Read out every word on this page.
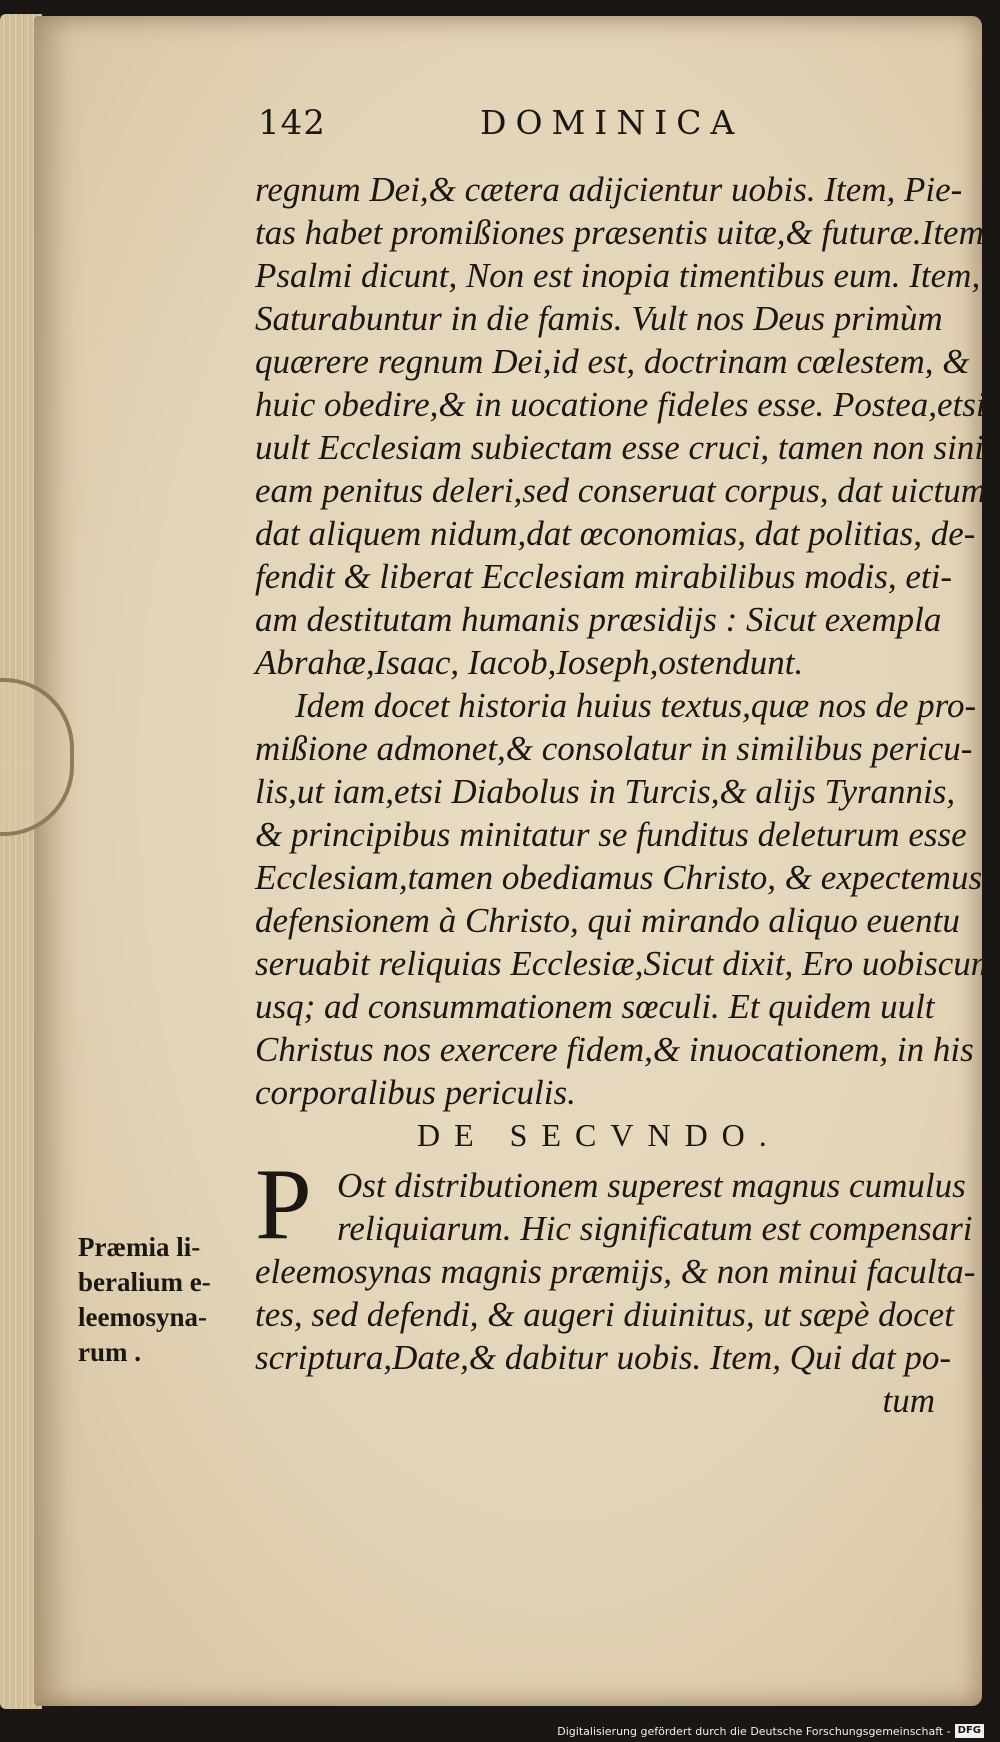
142	DOMINICA
regnum Dei,& cætera adijcientur uobis. Item, Pie-
tas habet promißiones præsentis uitæ,& futuræ.Item
Psalmi dicunt, Non est inopia timentibus eum. Item,
Saturabuntur in die famis. Vult nos Deus primùm
quærere regnum Dei,id est, doctrinam cœlestem, &
huic obedire,& in uocatione fideles esse. Postea,etsi
uult Ecclesiam subiectam esse cruci, tamen non sinit
eam penitus deleri,sed conseruat corpus, dat uictum,
dat aliquem nidum,dat œconomias, dat politias, de-
fendit & liberat Ecclesiam mirabilibus modis, eti-
am destitutam humanis præsidijs : Sicut exempla
Abrahæ,Isaac, Iacob,Ioseph,ostendunt.
Idem docet historia huius textus,quæ nos de pro-
mißione admonet,& consolatur in similibus pericu-
lis,ut iam,etsi Diabolus in Turcis,& alijs Tyrannis,
& principibus minitatur se funditus deleturum esse
Ecclesiam,tamen obediamus Christo, & expectemus
defensionem à Christo, qui mirando aliquo euentu
seruabit reliquias Ecclesiæ,Sicut dixit, Ero uobiscum
usq; ad consummationem sœculi. Et quidem uult
Christus nos exercere fidem,& inuocationem, in his
corporalibus periculis.
DE SECVNDO.
P Ost distributionem superest magnus cumulus
reliquiarum. Hic significatum est compensari
eleemosynas magnis præmijs, & non minui faculta-
tes, sed defendi, & augeri diuinitus, ut sæpè docet
scriptura,Date,& dabitur uobis. Item, Qui dat po-
tum
Præmia li-
beralium e-
leemosyna-
rum .
Digitalisierung gefördert durch die Deutsche Forschungsgemeinschaft - DFG
